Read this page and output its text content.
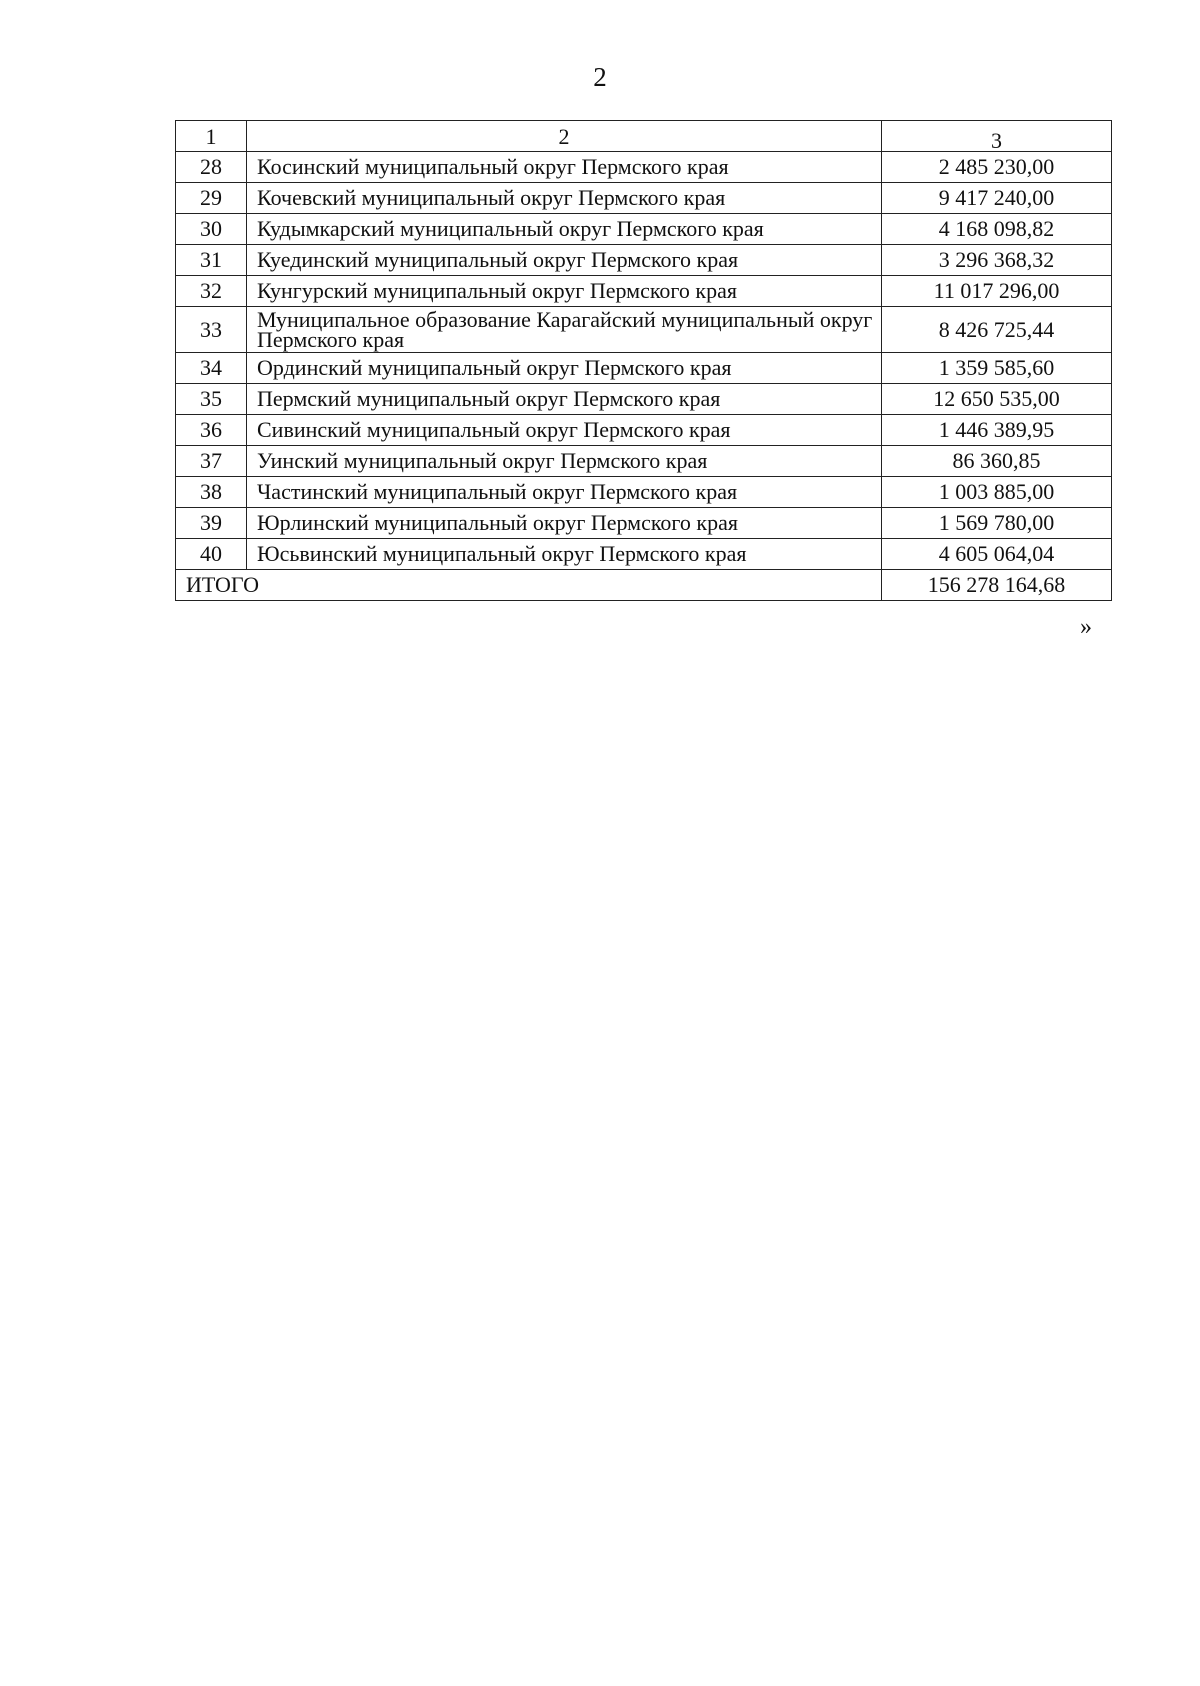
2
1	2	3
28	Косинский муниципальный округ Пермского края	2 485 230,00
29	Кочевский муниципальный округ Пермского края	9 417 240,00
30	Кудымкарский муниципальный округ Пермского края	4 168 098,82
31	Куединский муниципальный округ Пермского края	3 296 368,32
32	Кунгурский муниципальный округ Пермского края	11 017 296,00
33	Муниципальное образование Карагайский муниципальный округ Пермского края	8 426 725,44
34	Ординский муниципальный округ Пермского края	1 359 585,60
35	Пермский муниципальный округ Пермского края	12 650 535,00
36	Сивинский муниципальный округ Пермского края	1 446 389,95
37	Уинский муниципальный округ Пермского края	86 360,85
38	Частинский муниципальный округ Пермского края	1 003 885,00
39	Юрлинский муниципальный округ Пермского края	1 569 780,00
40	Юсьвинский муниципальный округ Пермского края	4 605 064,04
ИТОГО		156 278 164,68
»
